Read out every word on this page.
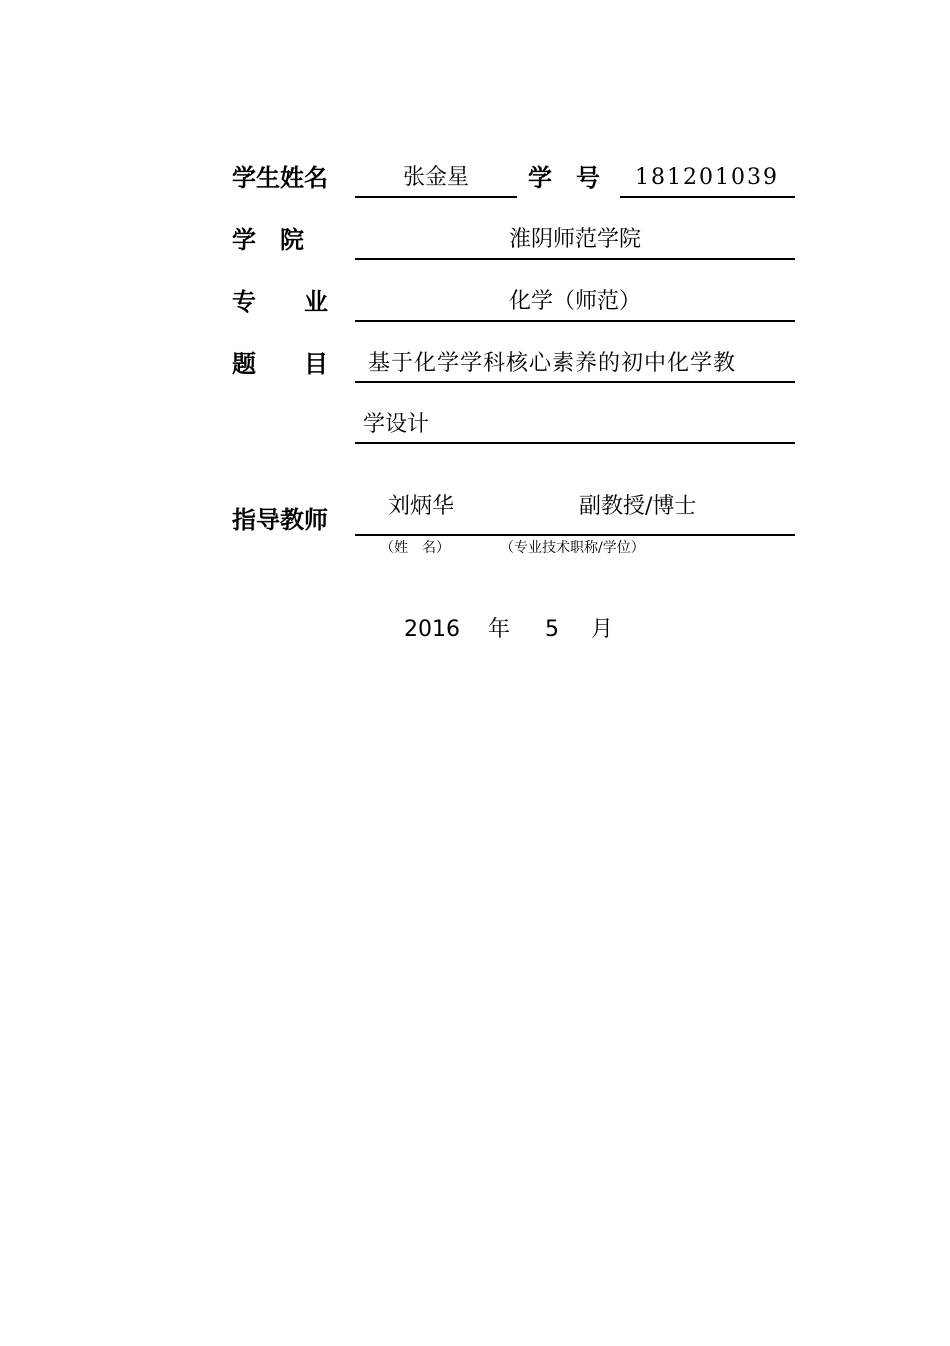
学生姓名	张金星	学　号	181201039
学　院	淮阴师范学院
专　　业	化学（师范）
题　　目 基于化学学科核心素养的初中化学教
学设计
指导教师	刘炳华	副教授/博士
（姓　名）	（专业技术职称/学位）
2016 年 5 月
